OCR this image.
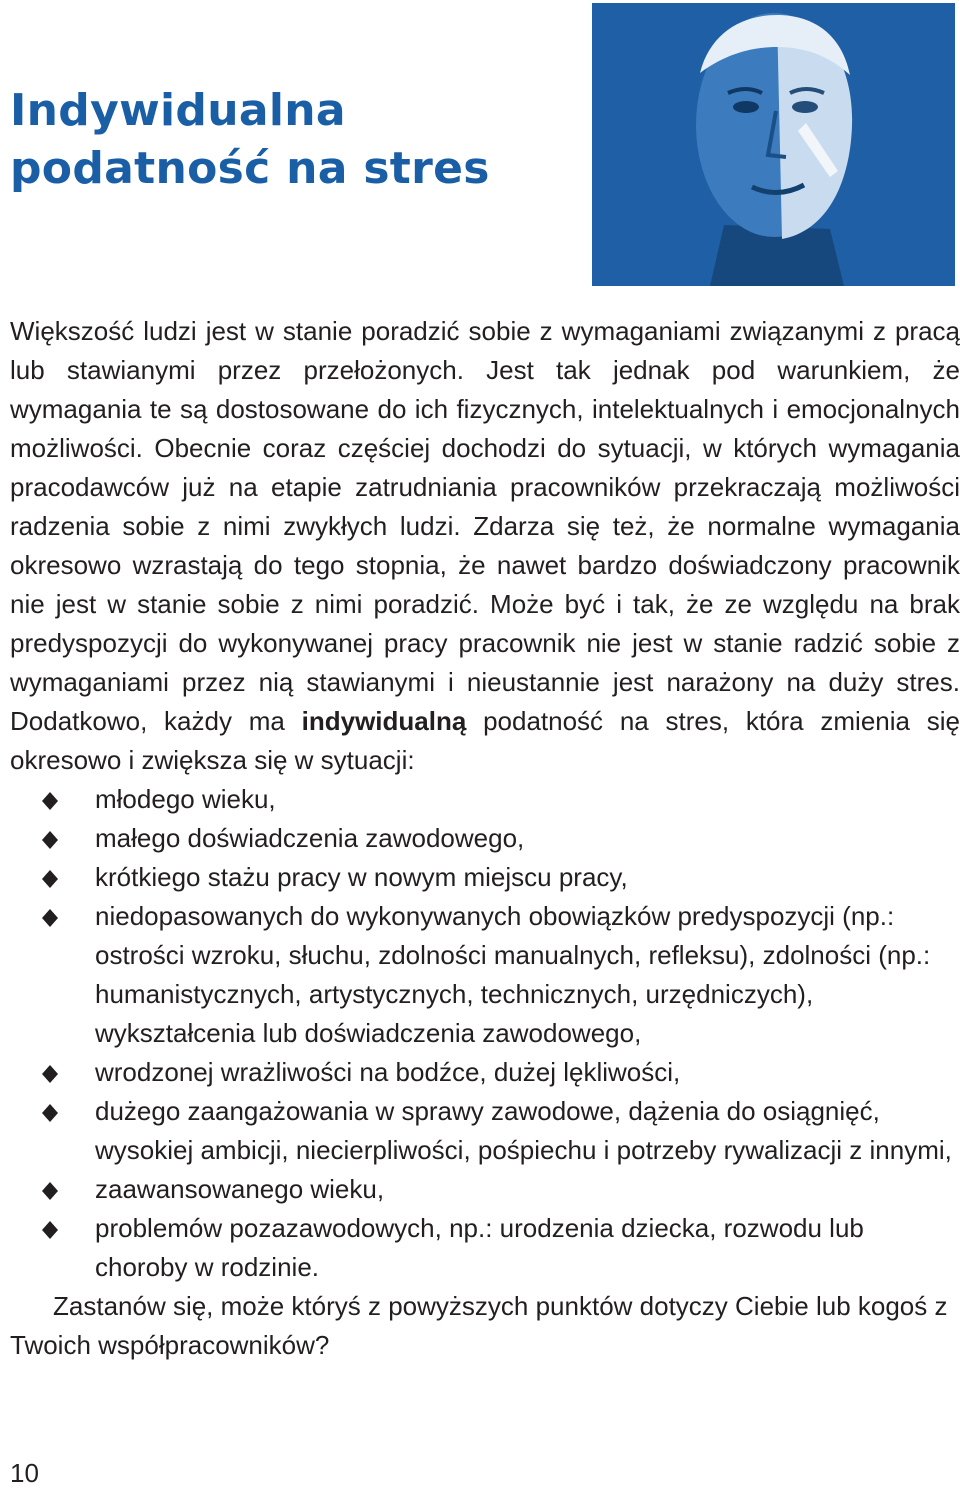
Indywidualna
podatność na stres

Większość ludzi jest w stanie poradzić sobie z wymaganiami związanymi z pracą lub stawianymi przez przełożonych. Jest tak jednak pod warunkiem, że wymagania te są dostosowane do ich fizycznych, intelektualnych i emocjonalnych możliwości. Obecnie coraz częściej dochodzi do sytuacji, w których wymagania pracodawców już na etapie zatrudniania pracowników przekraczają możliwości radzenia sobie z nimi zwykłych ludzi. Zdarza się też, że normalne wymagania okresowo wzrastają do tego stopnia, że nawet bardzo doświadczony pracownik nie jest w stanie sobie z nimi poradzić. Może być i tak, że ze względu na brak predyspozycji do wykonywanej pracy pracownik nie jest w stanie radzić sobie z wymaganiami przez nią stawianymi i nieustannie jest narażony na duży stres. Dodatkowo, każdy ma indywidualną podatność na stres, która zmienia się okresowo i zwiększa się w sytuacji:

młodego wieku,
małego doświadczenia zawodowego,
krótkiego stażu pracy w nowym miejscu pracy,
niedopasowanych do wykonywanych obowiązków predyspozycji (np.: ostrości wzroku, słuchu, zdolności manualnych, refleksu), zdolności (np.: humanistycznych, artystycznych, technicznych, urzędniczych), wykształcenia lub doświadczenia zawodowego,
wrodzonej wrażliwości na bodźce, dużej lękliwości,
dużego zaangażowania w sprawy zawodowe, dążenia do osiągnięć, wysokiej ambicji, niecierpliwości, pośpiechu i potrzeby rywalizacji z innymi,
zaawansowanego wieku,
problemów pozazawodowych, np.: urodzenia dziecka, rozwodu lub choroby w rodzinie.

Zastanów się, może któryś z powyższych punktów dotyczy Ciebie lub kogoś z Twoich współpracowników?

10
